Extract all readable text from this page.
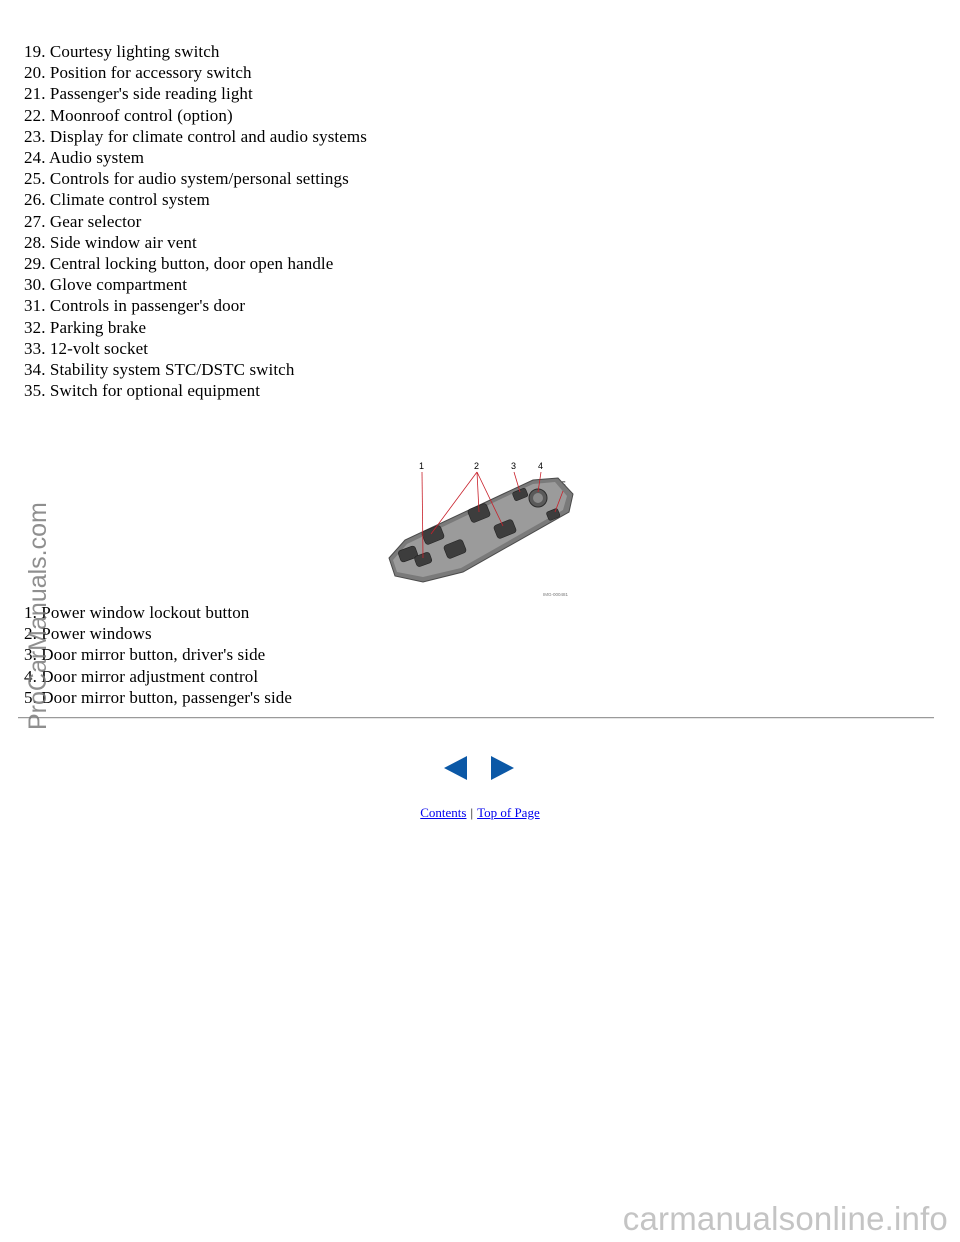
19. Courtesy lighting switch
20. Position for accessory switch
21. Passenger's side reading light
22. Moonroof control (option)
23. Display for climate control and audio systems
24. Audio system
25. Controls for audio system/personal settings
26. Climate control system
27. Gear selector
28. Side window air vent
29. Central locking button, door open handle
30. Glove compartment
31. Controls in passenger's door
32. Parking brake
33. 12-volt socket
34. Stability system STC/DSTC switch
35. Switch for optional equipment
1	2	3 4
IMG-000481
1. Power window lockout button
2. Power windows
3. Door mirror button, driver's side
4. Door mirror adjustment control
5. Door mirror button, passenger's side
Contents | Top of Page
ProCarManuals.com
carmanualsonline.info
